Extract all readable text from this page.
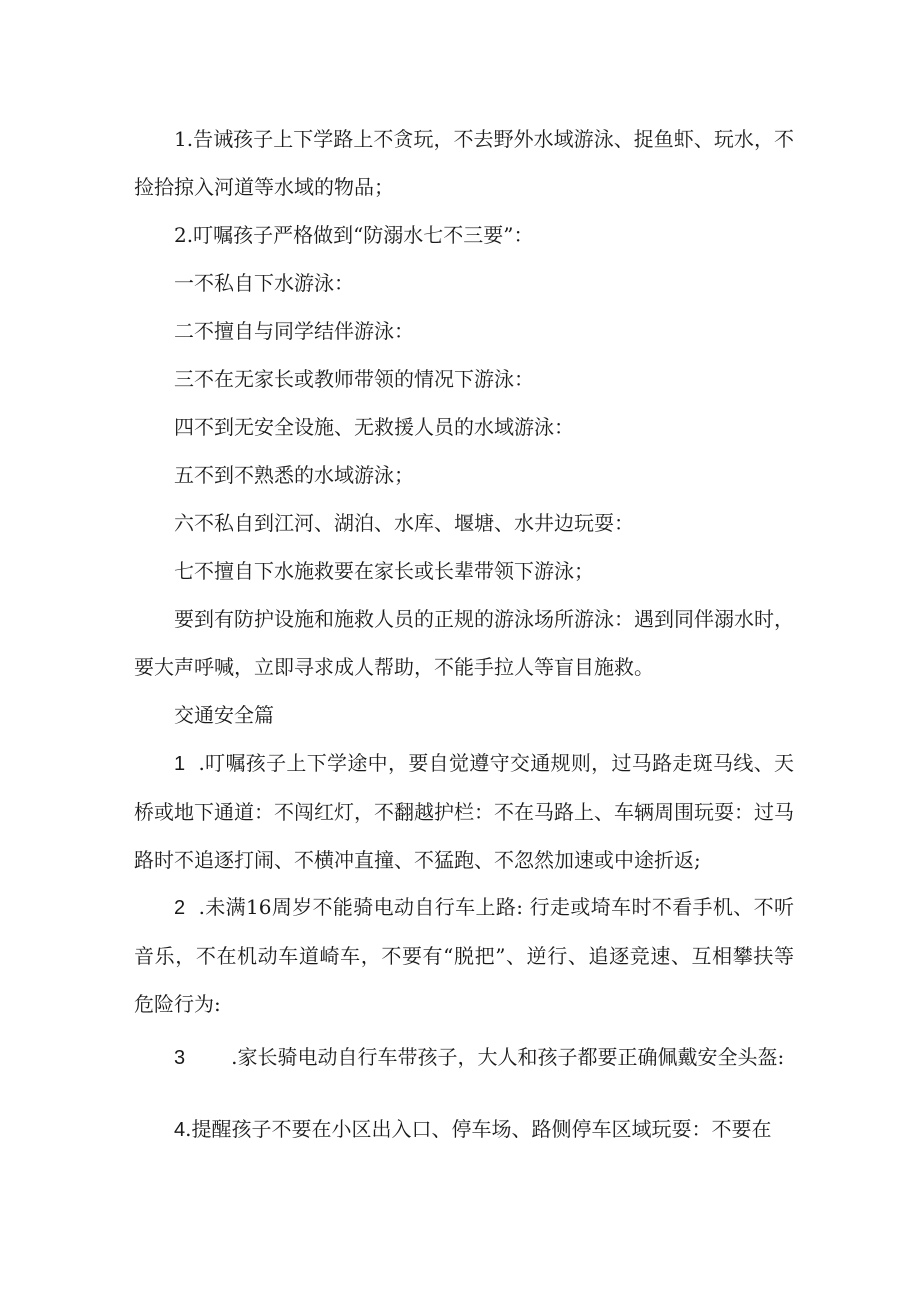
1.告诫孩子上下学路上不贪玩，不去野外水域游泳、捉鱼虾、玩水，不捡拾掠入河道等水域的物品；

2.叮嘱孩子严格做到“防溺水七不三要”：

一不私自下水游泳：

二不擅自与同学结伴游泳：

三不在无家长或教师带领的情况下游泳：

四不到无安全设施、无救援人员的水域游泳：

五不到不熟悉的水域游泳；

六不私自到江河、湖泊、水库、堰塘、水井边玩耍：

七不擅自下水施救要在家长或长辈带领下游泳；

要到有防护设施和施救人员的正规的游泳场所游泳：遇到同伴溺水时，要大声呼喊，立即寻求成人帮助，不能手拉人等盲目施救。

交通安全篇

1 .叮嘱孩子上下学途中，要自觉遵守交通规则，过马路走斑马线、天桥或地下通道：不闯红灯，不翻越护栏：不在马路上、车辆周围玩耍：过马路时不追逐打闹、不横冲直撞、不猛跑、不忽然加速或中途折返;

2 .未满16周岁不能骑电动自行车上路: 行走或埼车时不看手机、不听音乐，不在机动车道崎车，不要有“脱把”、逆行、追逐竞速、互相攀扶等危险行为:

3 .家长骑电动自行车带孩子，大人和孩子都要正确佩戴安全头盔:

4.提醒孩子不要在小区出入口、停车场、路侧停车区域玩耍：不要在
